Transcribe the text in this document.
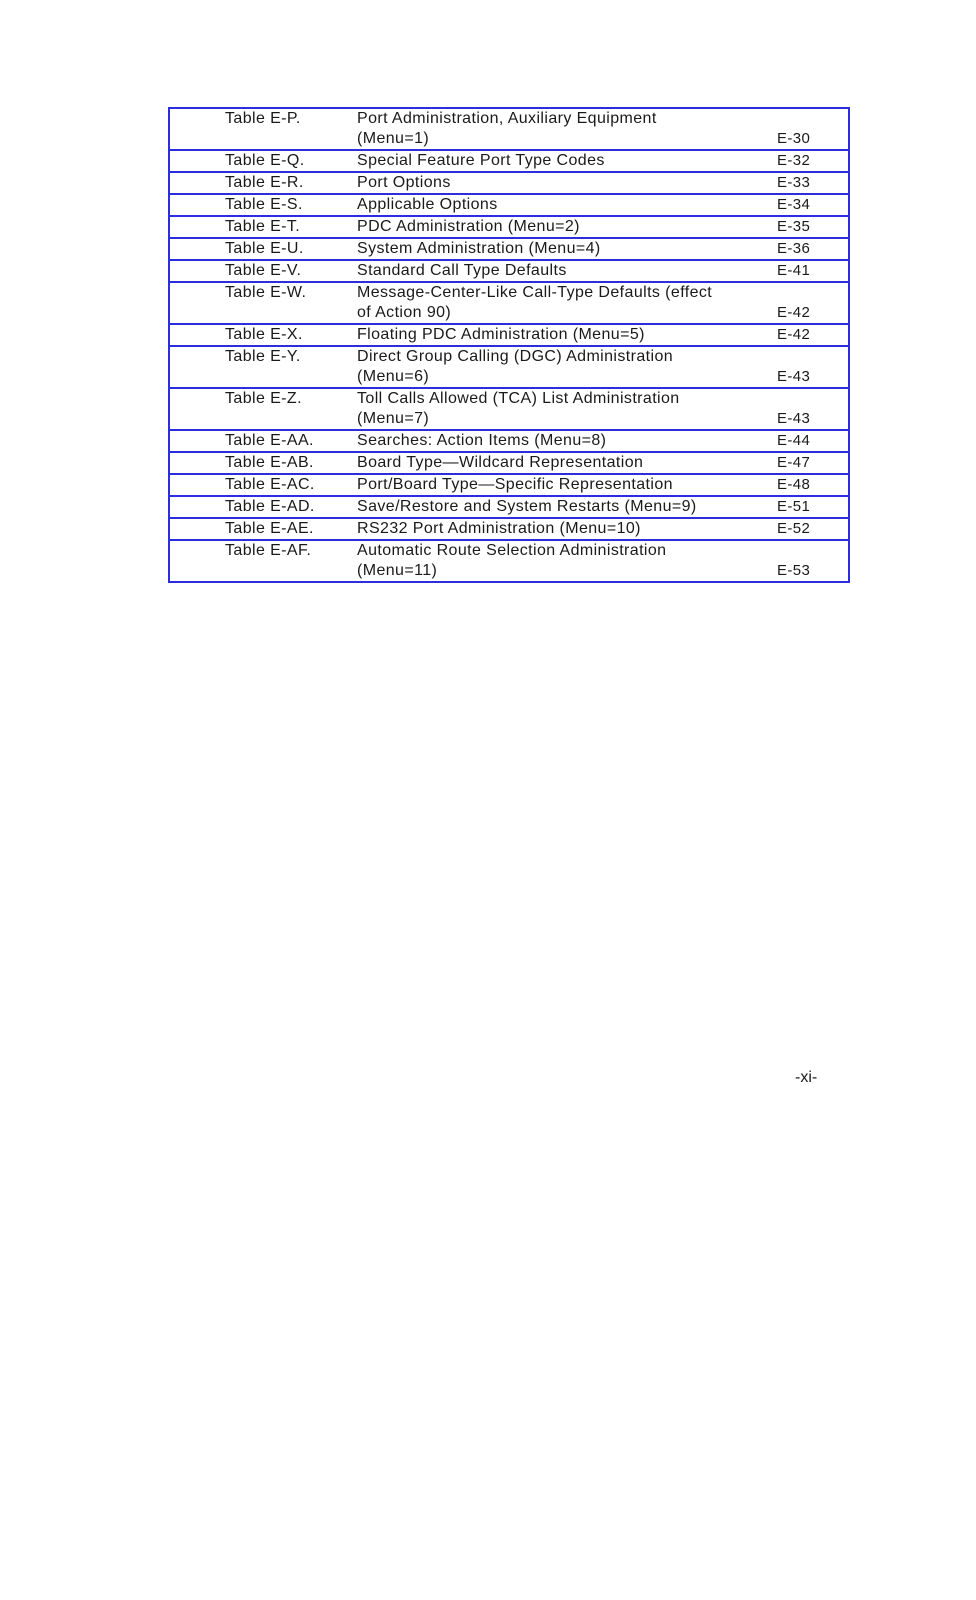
Table E-P.	Port Administration, Auxiliary Equipment
(Menu=1)	E-30
Table E-Q.	Special Feature Port Type Codes	E-32
Table E-R.	Port Options	E-33
Table E-S.	Applicable Options	E-34
Table E-T.	PDC Administration (Menu=2)	E-35
Table E-U.	System Administration (Menu=4)	E-36
Table E-V.	Standard Call Type Defaults	E-41
Table E-W.	Message-Center-Like Call-Type Defaults (effect
of Action 90)	E-42
Table E-X.	Floating PDC Administration (Menu=5)	E-42
Table E-Y.	Direct Group Calling (DGC) Administration
(Menu=6)	E-43
Table E-Z.	Toll Calls Allowed (TCA) List Administration
(Menu=7)	E-43
Table E-AA.	Searches: Action Items (Menu=8)	E-44
Table E-AB.	Board Type—Wildcard Representation	E-47
Table E-AC.	Port/Board Type—Specific Representation	E-48
Table E-AD.	Save/Restore and System Restarts (Menu=9)	E-51
Table E-AE.	RS232 Port Administration (Menu=10)	E-52
Table E-AF.	Automatic Route Selection Administration
(Menu=11)	E-53
-xi-
